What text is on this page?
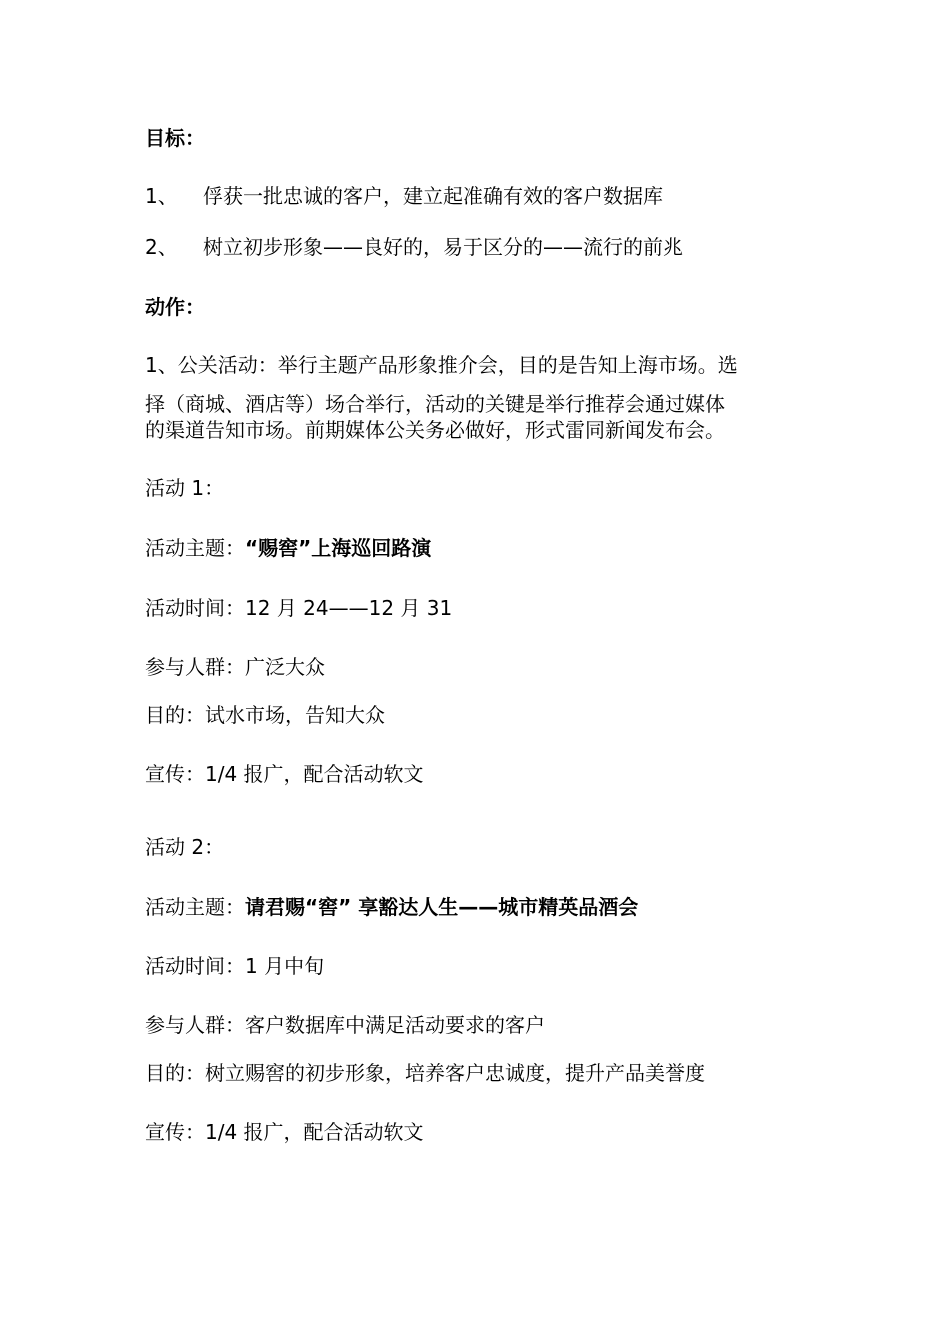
目标：
1、 俘获一批忠诚的客户，建立起准确有效的客户数据库
2、 树立初步形象——良好的，易于区分的——流行的前兆
动作：
1、公关活动：举行主题产品形象推介会，目的是告知上海市场。选
择（商城、酒店等）场合举行，活动的关键是举行推荐会通过媒体
的渠道告知市场。前期媒体公关务必做好，形式雷同新闻发布会。
活动 1：
活动主题：“赐窖”上海巡回路演
活动时间：12 月 24——12 月 31
参与人群：广泛大众
目的：试水市场，告知大众
宣传：1/4 报广，配合活动软文
活动 2：
活动主题：请君赐“窖” 享豁达人生——城市精英品酒会
活动时间：1 月中旬
参与人群：客户数据库中满足活动要求的客户
目的：树立赐窖的初步形象，培养客户忠诚度，提升产品美誉度
宣传：1/4 报广，配合活动软文
